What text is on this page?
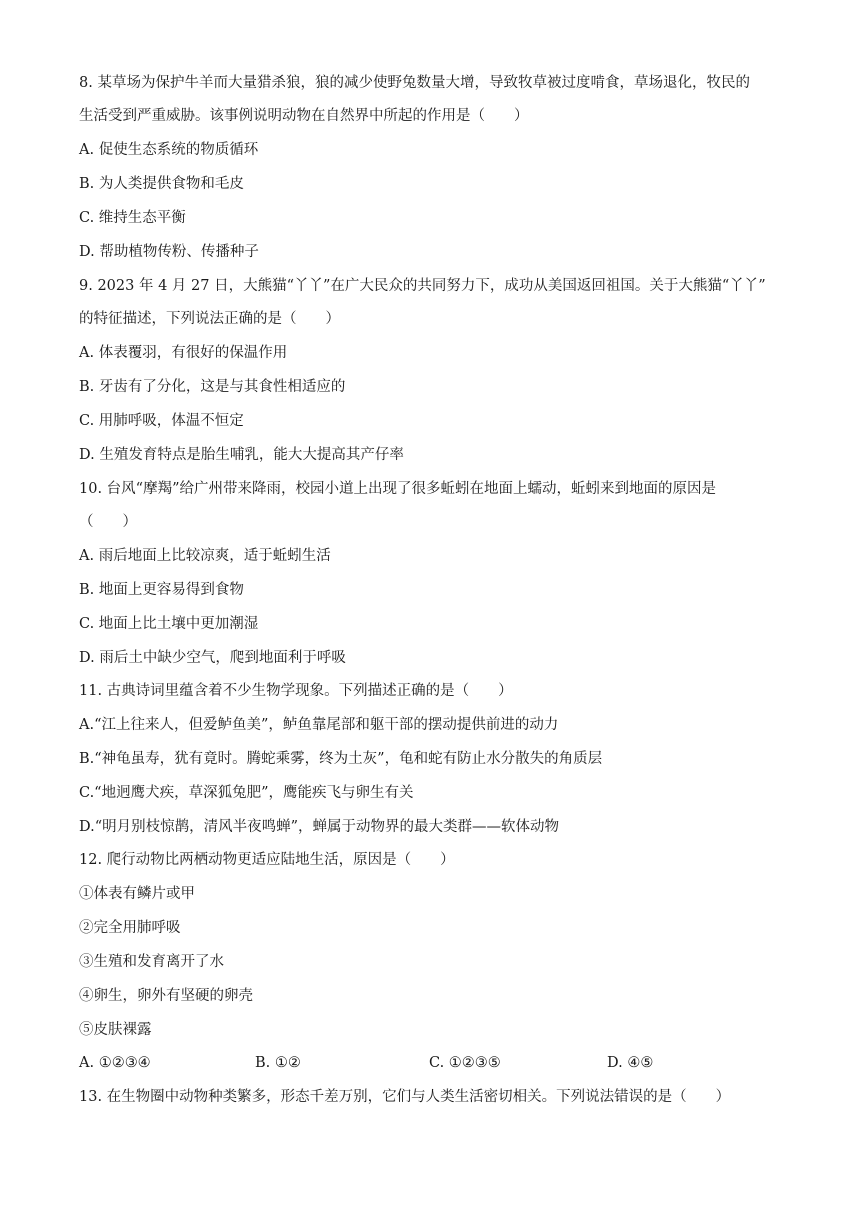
8. 某草场为保护牛羊而大量猎杀狼，狼的减少使野兔数量大增，导致牧草被过度啃食，草场退化，牧民的
生活受到严重威胁。该事例说明动物在自然界中所起的作用是（　　）
A. 促使生态系统的物质循环
B. 为人类提供食物和毛皮
C. 维持生态平衡
D. 帮助植物传粉、传播种子
9. 2023 年 4 月 27 日，大熊猫“丫丫”在广大民众的共同努力下，成功从美国返回祖国。关于大熊猫“丫丫”
的特征描述，下列说法正确的是（　　）
A. 体表覆羽，有很好的保温作用
B. 牙齿有了分化，这是与其食性相适应的
C. 用肺呼吸，体温不恒定
D. 生殖发育特点是胎生哺乳，能大大提高其产仔率
10. 台风“摩羯”给广州带来降雨，校园小道上出现了很多蚯蚓在地面上蠕动，蚯蚓来到地面的原因是
（　　）
A. 雨后地面上比较凉爽，适于蚯蚓生活
B. 地面上更容易得到食物
C. 地面上比土壤中更加潮湿
D. 雨后土中缺少空气，爬到地面利于呼吸
11. 古典诗词里蕴含着不少生物学现象。下列描述正确的是（　　）
A.“江上往来人，但爱鲈鱼美”，鲈鱼靠尾部和躯干部的摆动提供前进的动力
B.“神龟虽寿，犹有竟时。腾蛇乘雾，终为土灰”，龟和蛇有防止水分散失的角质层
C.“地迥鹰犬疾，草深狐兔肥”，鹰能疾飞与卵生有关
D.“明月别枝惊鹊，清风半夜鸣蝉”，蝉属于动物界的最大类群——软体动物
12. 爬行动物比两栖动物更适应陆地生活，原因是（　　）
①体表有鳞片或甲
②完全用肺呼吸
③生殖和发育离开了水
④卵生，卵外有坚硬的卵壳
⑤皮肤裸露
A. ①②③④	B. ①②	C. ①②③⑤	D. ④⑤
13. 在生物圈中动物种类繁多，形态千差万别，它们与人类生活密切相关。下列说法错误的是（　　）
